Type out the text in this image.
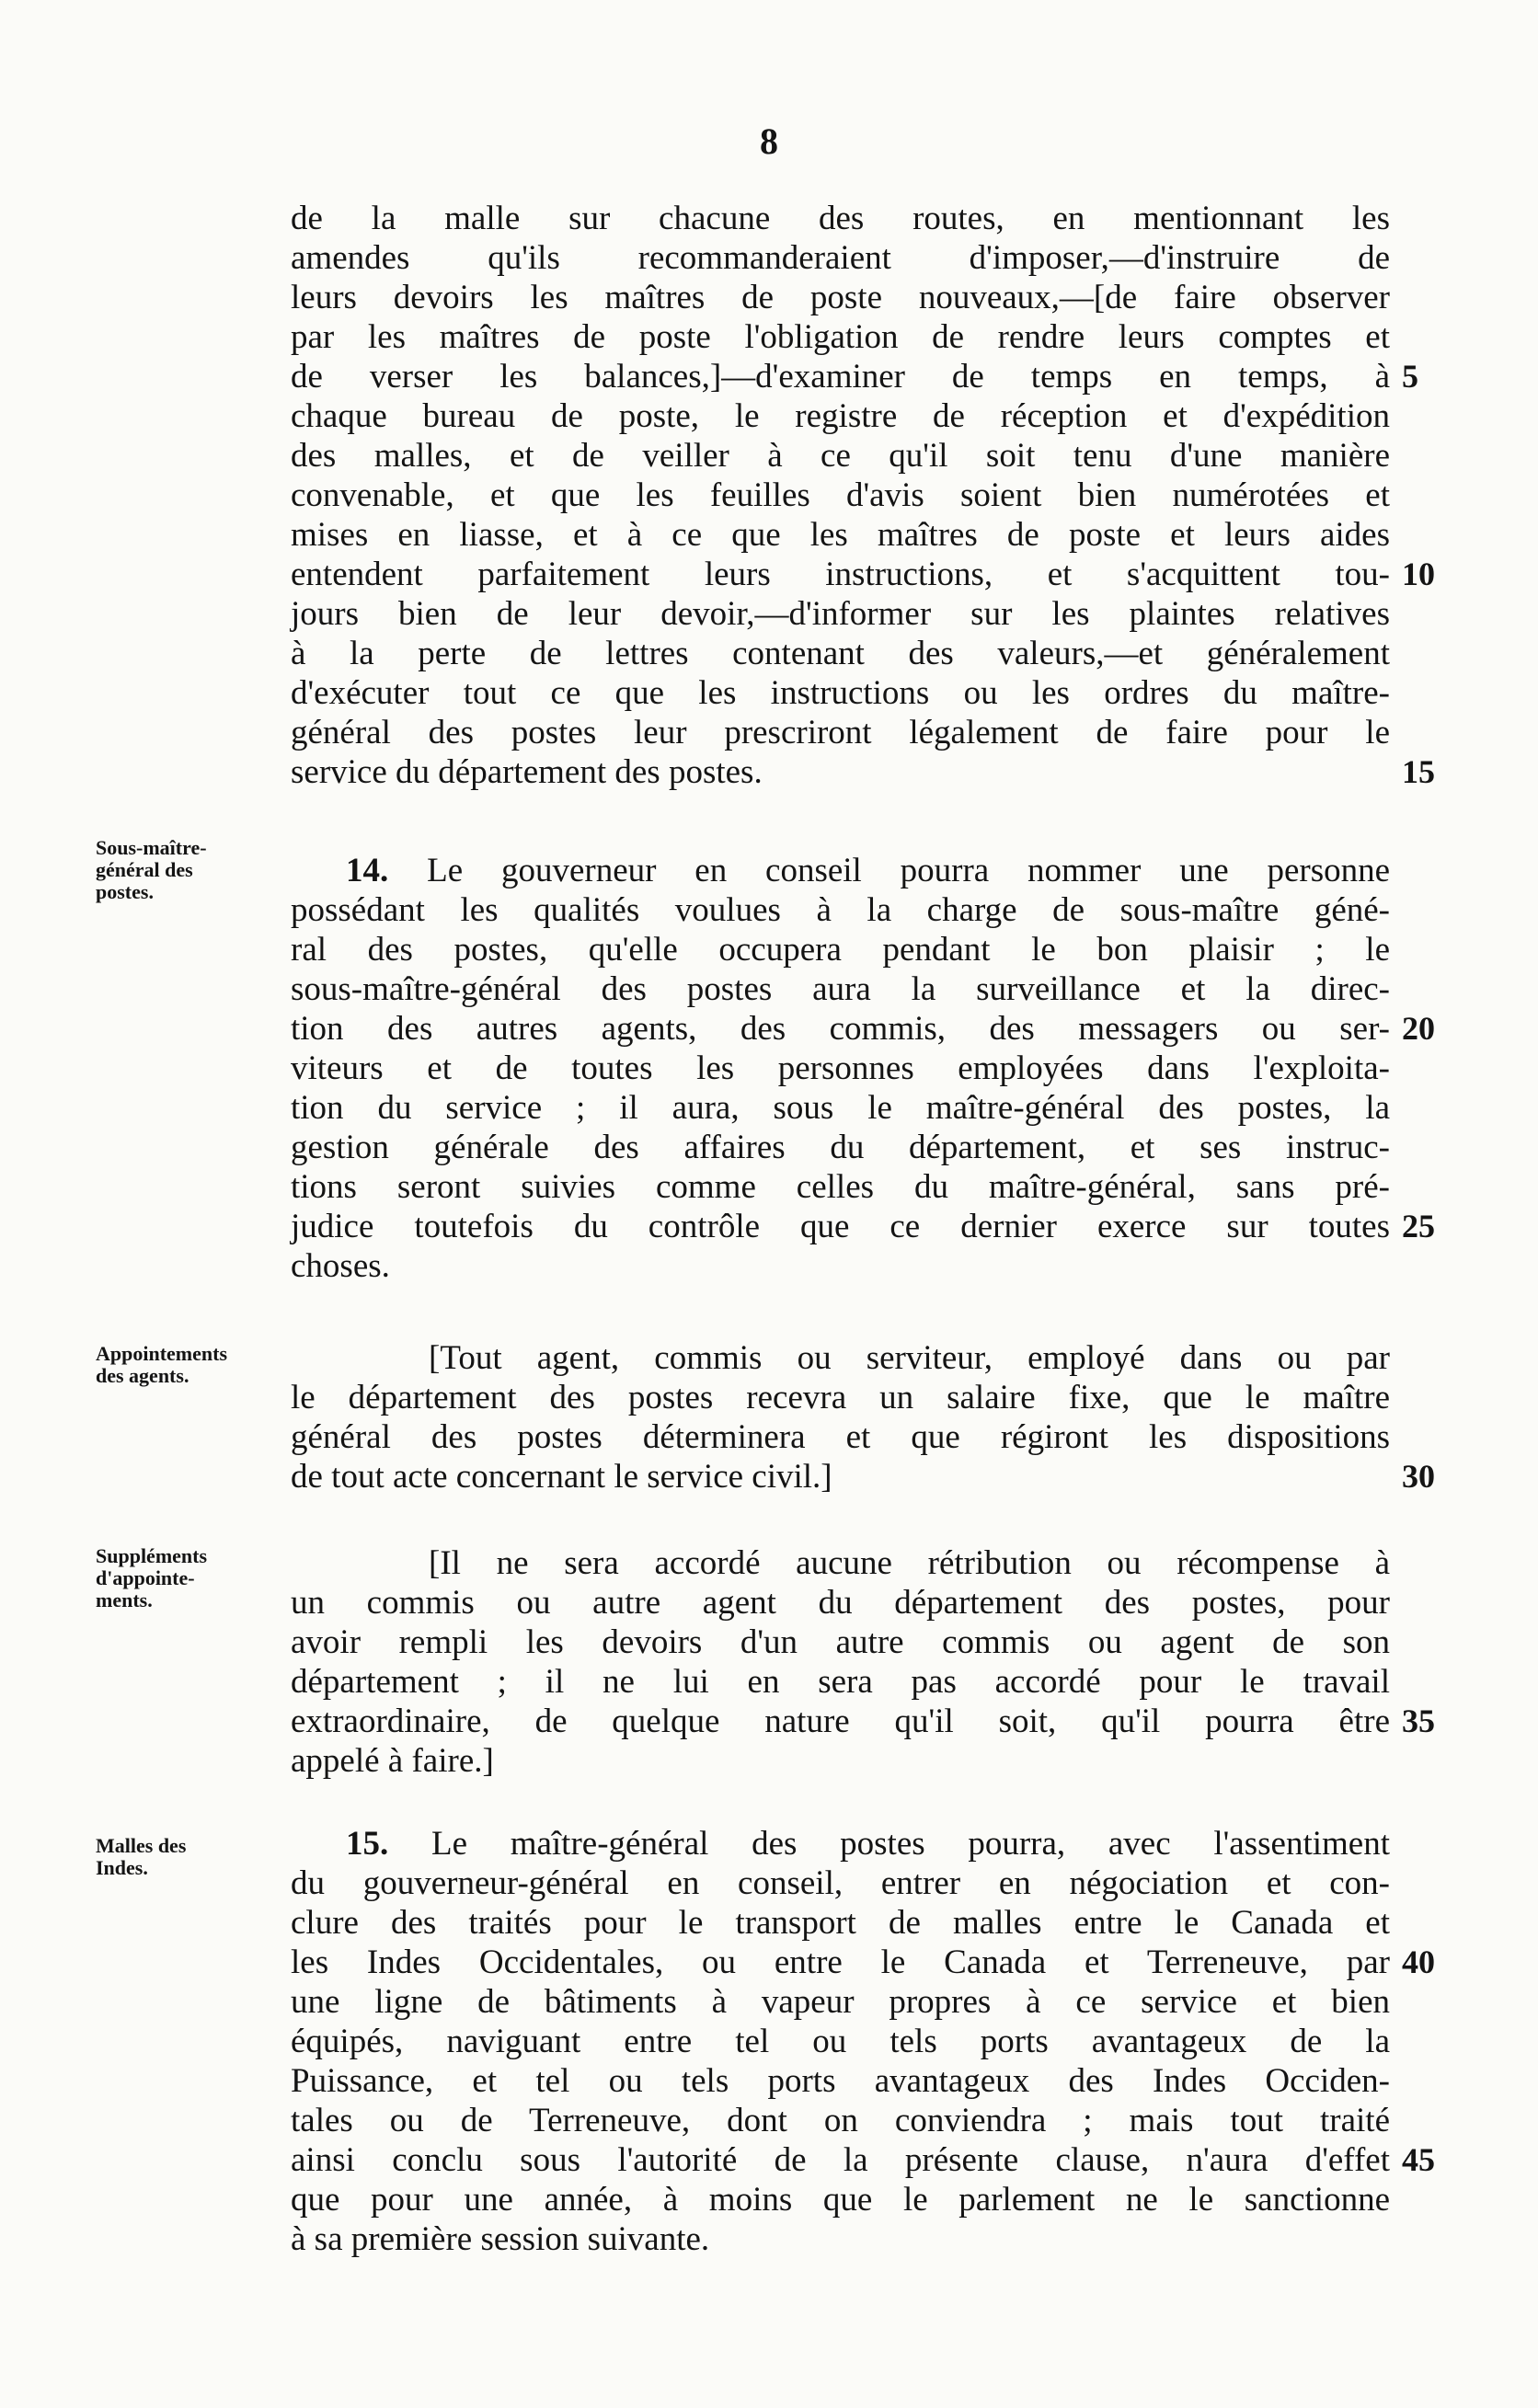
8
de la malle sur chacune des routes, en mentionnant les
amendes qu'ils recommanderaient d'imposer,—d'instruire de
leurs devoirs les maîtres de poste nouveaux,—[de faire observer
par les maîtres de poste l'obligation de rendre leurs comptes et
de verser les balances,]—d'examiner de temps en temps, à
chaque bureau de poste, le registre de réception et d'expédition
des malles, et de veiller à ce qu'il soit tenu d'une manière
convenable, et que les feuilles d'avis soient bien numérotées et
mises en liasse, et à ce que les maîtres de poste et leurs aides
entendent parfaitement leurs instructions, et s'acquittent tou-
jours bien de leur devoir,—d'informer sur les plaintes relatives
à la perte de lettres contenant des valeurs,—et généralement
d'exécuter tout ce que les instructions ou les ordres du maître-
général des postes leur prescriront légalement de faire pour le
service du département des postes.
Sous-maître-
général des
postes.
14. Le gouverneur en conseil pourra nommer une personne
possédant les qualités voulues à la charge de sous-maître géné-
ral des postes, qu'elle occupera pendant le bon plaisir ; le
sous-maître-général des postes aura la surveillance et la direc-
tion des autres agents, des commis, des messagers ou ser-
viteurs et de toutes les personnes employées dans l'exploita-
tion du service ; il aura, sous le maître-général des postes, la
gestion générale des affaires du département, et ses instruc-
tions seront suivies comme celles du maître-général, sans pré-
judice toutefois du contrôle que ce dernier exerce sur toutes
choses.
Appointements
des agents.	[Tout agent, commis ou serviteur, employé dans ou par
le département des postes recevra un salaire fixe, que le maître
général des postes déterminera et que régiront les dispositions
de tout acte concernant le service civil.]
Suppléments
d'appointe-
ments.
[Il ne sera accordé aucune rétribution ou récompense à
un commis ou autre agent du département des postes, pour
avoir rempli les devoirs d'un autre commis ou agent de son
département ; il ne lui en sera pas accordé pour le travail
extraordinaire, de quelque nature qu'il soit, qu'il pourra être
appelé à faire.]
Malles des
Indes.
15. Le maître-général des postes pourra, avec l'assentiment
du gouverneur-général en conseil, entrer en négociation et con-
clure des traités pour le transport de malles entre le Canada et
les Indes Occidentales, ou entre le Canada et Terreneuve, par
une ligne de bâtiments à vapeur propres à ce service et bien
équipés, naviguant entre tel ou tels ports avantageux de la
Puissance, et tel ou tels ports avantageux des Indes Occiden-
tales ou de Terreneuve, dont on conviendra ; mais tout traité
ainsi conclu sous l'autorité de la présente clause, n'aura d'effet
que pour une année, à moins que le parlement ne le sanctionne
à sa première session suivante.
5
10
15
20
25
30
35
40
45
